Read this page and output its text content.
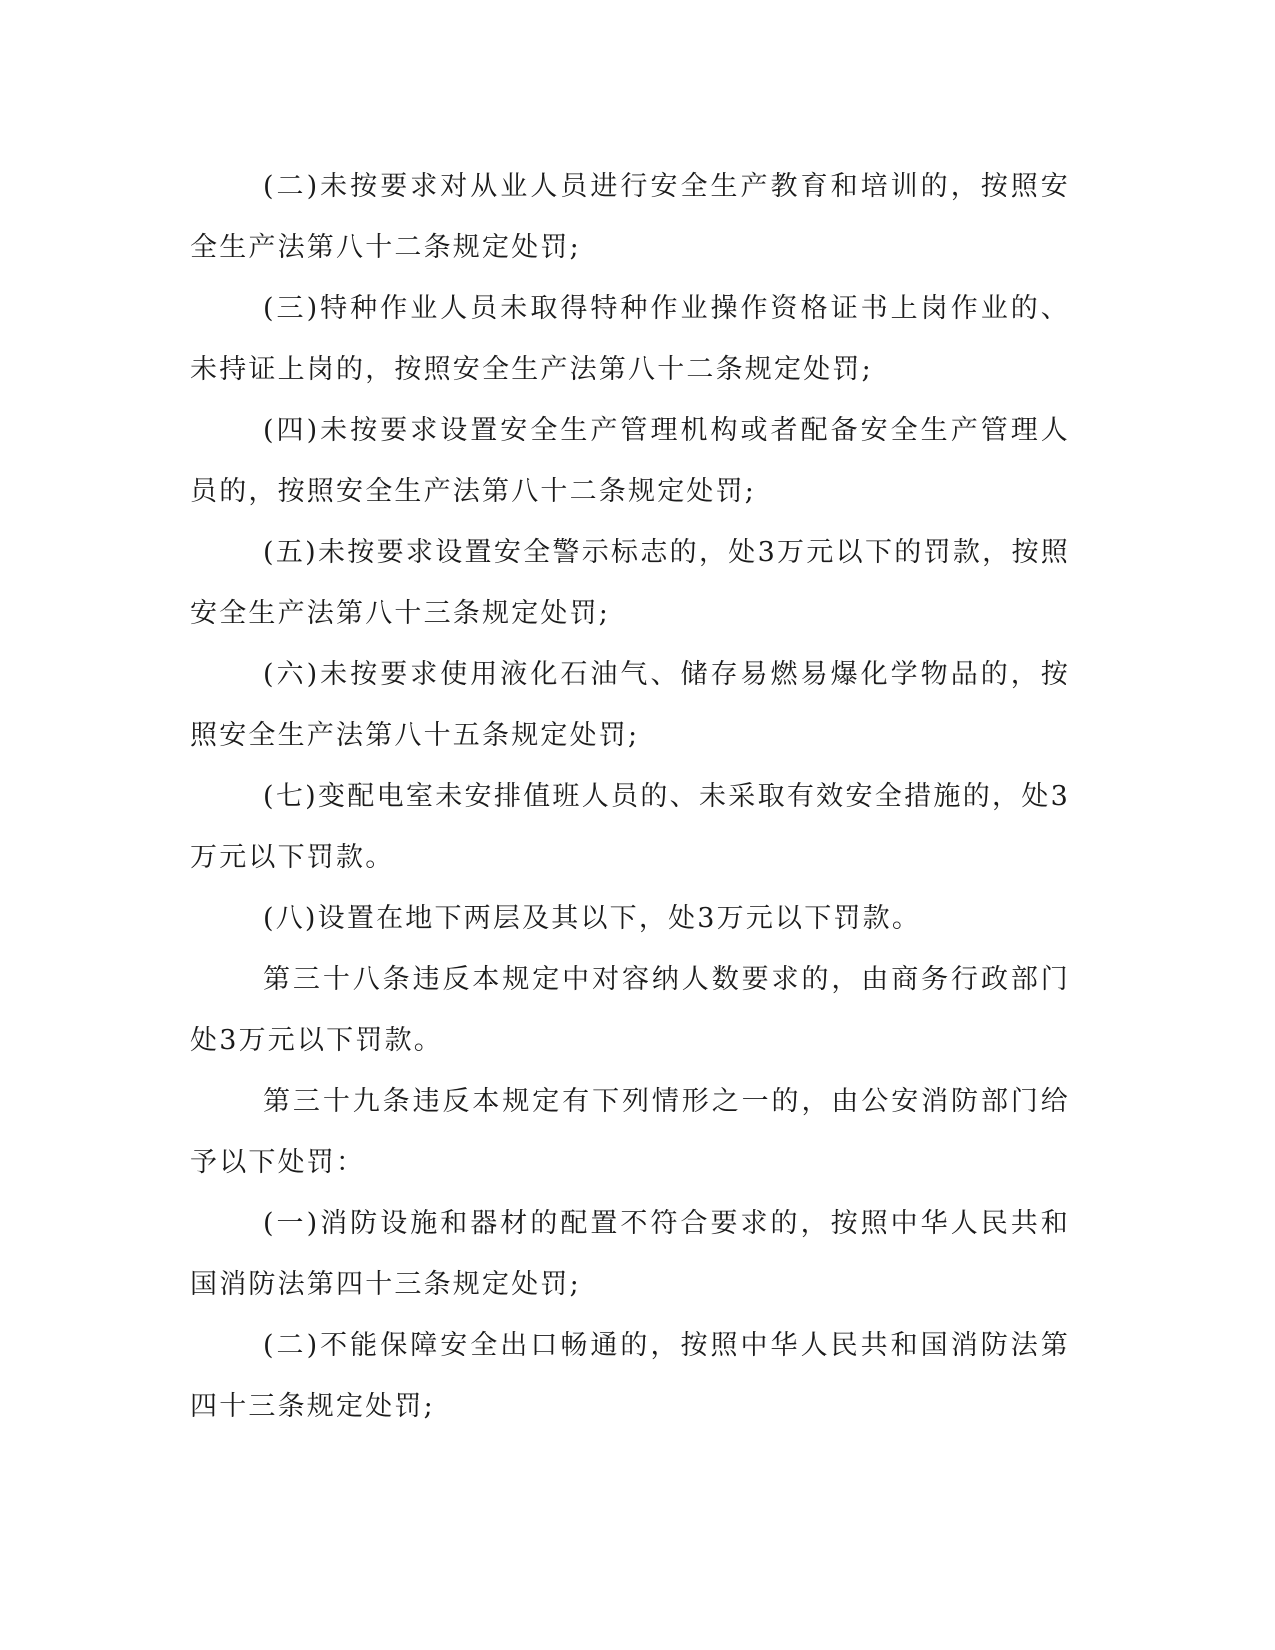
(二)未按要求对从业人员进行安全生产教育和培训的，按照安全生产法第八十二条规定处罚;

(三)特种作业人员未取得特种作业操作资格证书上岗作业的、未持证上岗的，按照安全生产法第八十二条规定处罚;

(四)未按要求设置安全生产管理机构或者配备安全生产管理人员的，按照安全生产法第八十二条规定处罚;

(五)未按要求设置安全警示标志的，处3万元以下的罚款，按照安全生产法第八十三条规定处罚;

(六)未按要求使用液化石油气、储存易燃易爆化学物品的，按照安全生产法第八十五条规定处罚;

(七)变配电室未安排值班人员的、未采取有效安全措施的，处3万元以下罚款。

(八)设置在地下两层及其以下，处3万元以下罚款。

第三十八条违反本规定中对容纳人数要求的，由商务行政部门处3万元以下罚款。

第三十九条违反本规定有下列情形之一的，由公安消防部门给予以下处罚：

(一)消防设施和器材的配置不符合要求的，按照中华人民共和国消防法第四十三条规定处罚;

(二)不能保障安全出口畅通的，按照中华人民共和国消防法第四十三条规定处罚;
